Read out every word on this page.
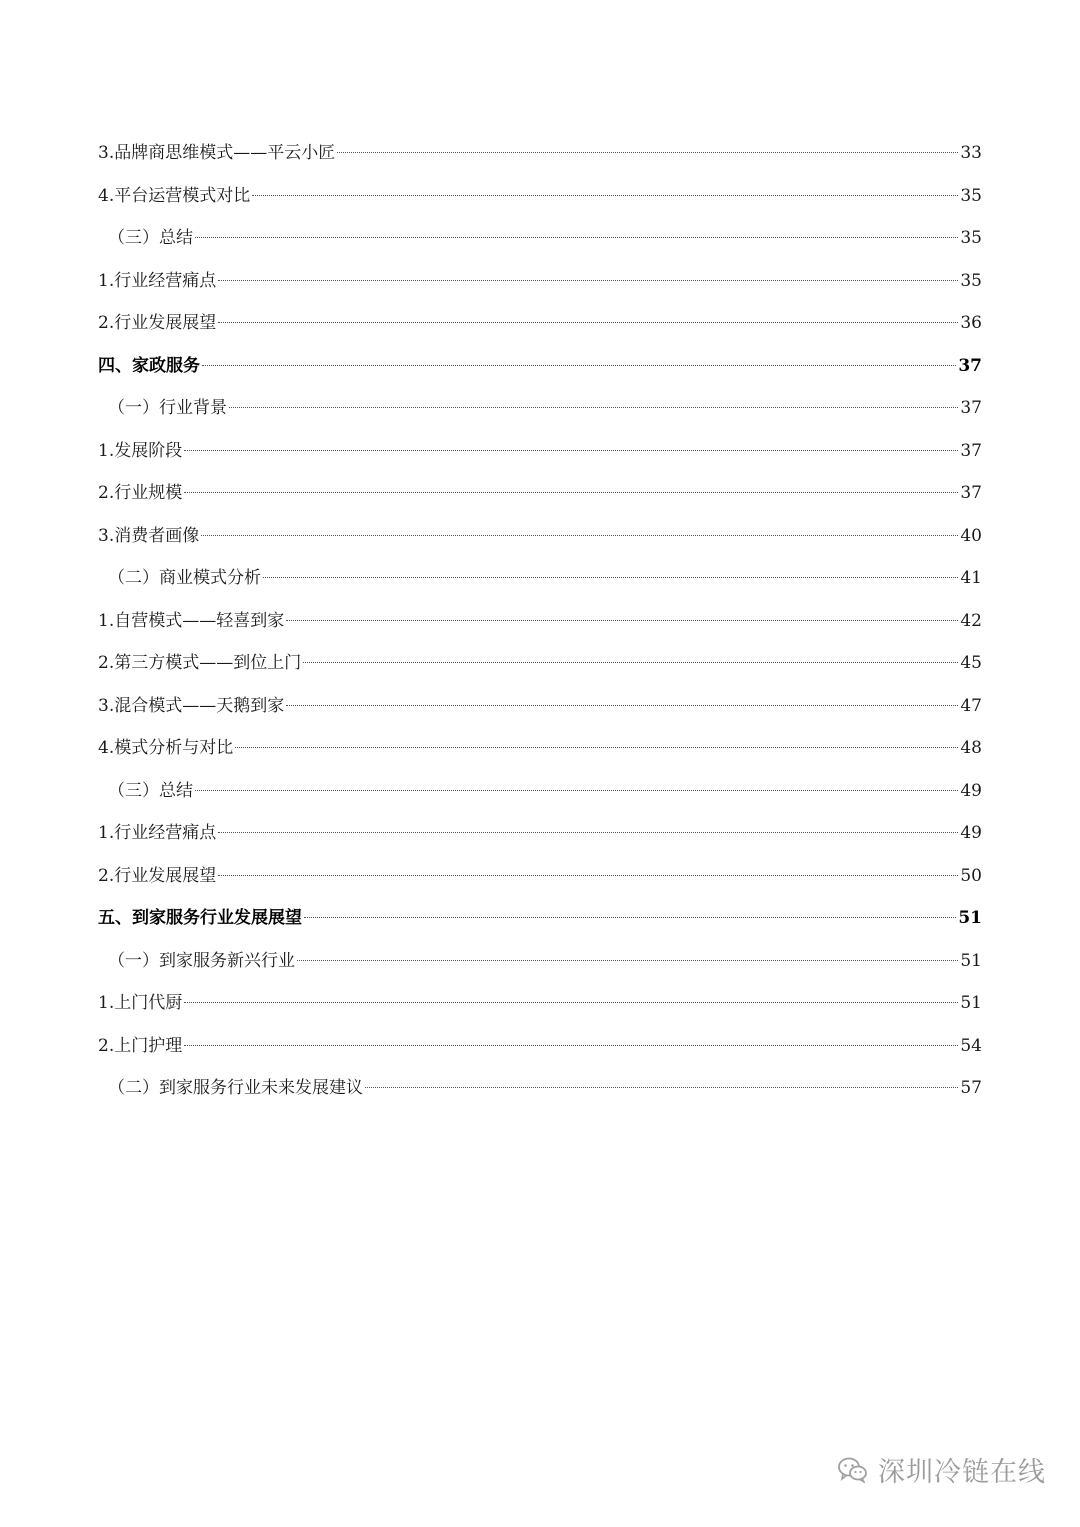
3.品牌商思维模式——平云小匠	33
4.平台运营模式对比	35
（三）总结	35
1.行业经营痛点	35
2.行业发展展望	36
四、家政服务	37
（一）行业背景	37
1.发展阶段	37
2.行业规模	37
3.消费者画像	40
（二）商业模式分析	41
1.自营模式——轻喜到家	42
2.第三方模式——到位上门	45
3.混合模式——天鹅到家	47
4.模式分析与对比	48
（三）总结	49
1.行业经营痛点	49
2.行业发展展望	50
五、到家服务行业发展展望	51
（一）到家服务新兴行业	51
1.上门代厨	51
2.上门护理	54
（二）到家服务行业未来发展建议	57
深圳冷链在线
